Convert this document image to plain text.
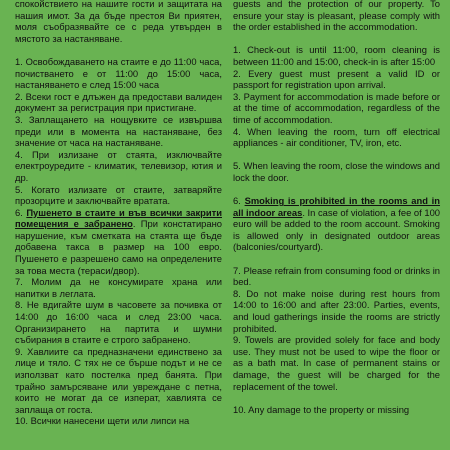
спокойствието на нашите гости и защитата на нашия имот. За да бъде престоя Ви приятен, моля съобразявайте се с реда утвърден в мястото за настаняване.

1. Освобождаването на стаите е до 11:00 часа, почистването е от 11:00 до 15:00 часа, настаняването е след 15:00 часа

2. Всеки гост е длъжен да предостави валиден документ за регистрация при пристигане.

3. Заплащането на нощувките се извършва преди или в момента на настаняване, без значение от часа на настаняване.

4. При излизане от стаята, изключвайте електроуредите - климатик, телевизор, ютия и др.

5. Когато излизате от стаите, затваряйте прозорците и заключвайте вратата.

6. Пушенето в стаите и във всички закрити помещения е забранено. При констатирано нарушение, към сметката на стаята ще бъде добавена такса в размер на 100 евро. Пушенето е разрешено само на определените за това места (тераси/двор).

7. Молим да не консумирате храна или напитки в леглата.

8. Не вдигайте шум в часовете за почивка от 14:00 до 16:00 часа и след 23:00 часа. Организирането на партита и шумни събирания в стаите е строго забранено.

9. Хавлиите са предназначени единствено за лице и тяло. С тях не се бърше подът и не се използват като постелка пред банята. При трайно замърсяване или увреждане с петна, които не могат да се изперат, хавлията се заплаща от госта.

10. Всички нанесени щети или липси на

guests and the protection of our property. To ensure your stay is pleasant, please comply with the order established in the accommodation.

1. Check-out is until 11:00, room cleaning is between 11:00 and 15:00, check-in is after 15:00

2. Every guest must present a valid ID or passport for registration upon arrival.

3. Payment for accommodation is made before or at the time of accommodation, regardless of the time of accommodation.

4. When leaving the room, turn off electrical appliances - air conditioner, TV, iron, etc.

5. When leaving the room, close the windows and lock the door.

6. Smoking is prohibited in the rooms and in all indoor areas. In case of violation, a fee of 100 euro will be added to the room account. Smoking is allowed only in designated outdoor areas (balconies/courtyard).

7. Please refrain from consuming food or drinks in bed.

8. Do not make noise during rest hours from 14:00 to 16:00 and after 23:00. Parties, events, and loud gatherings inside the rooms are strictly prohibited.

9. Towels are provided solely for face and body use. They must not be used to wipe the floor or as a bath mat. In case of permanent stains or damage, the guest will be charged for the replacement of the towel.

10. Any damage to the property or missing
